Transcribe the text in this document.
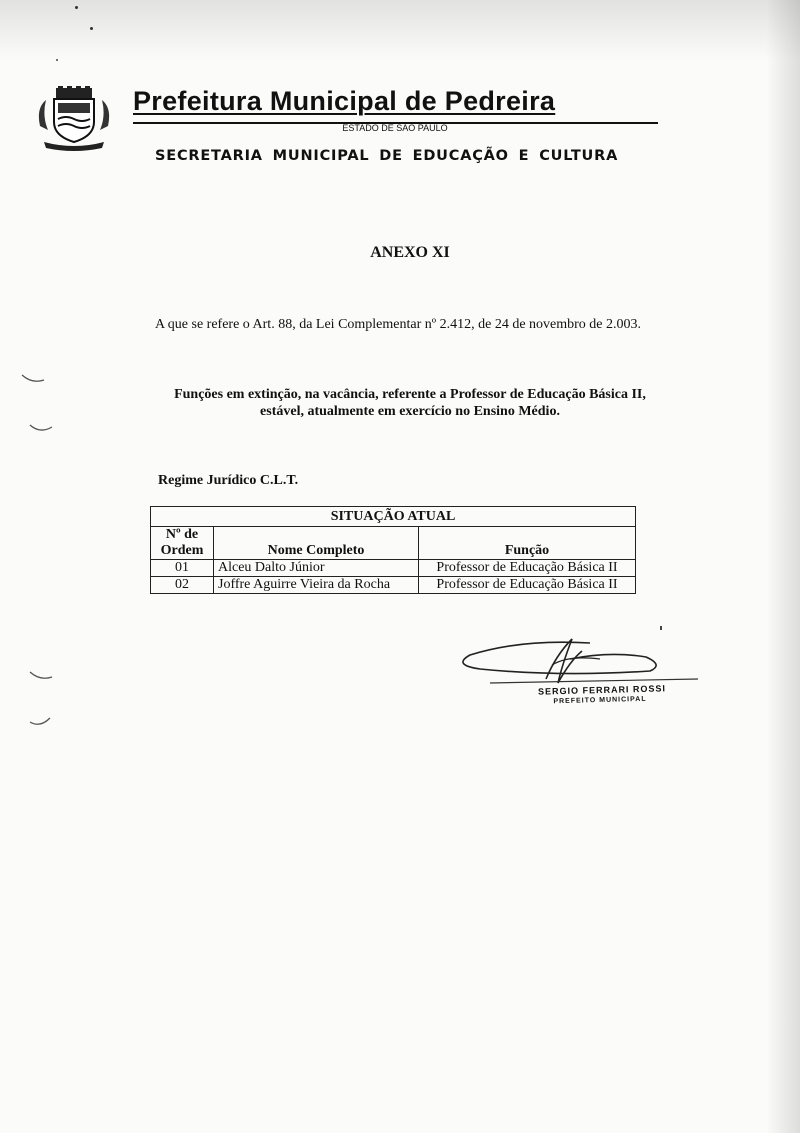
Prefeitura Municipal de Pedreira
ESTADO DE SÃO PAULO
SECRETARIA MUNICIPAL DE EDUCAÇÃO E CULTURA
ANEXO XI
A que se refere o Art. 88, da Lei Complementar nº 2.412, de 24 de novembro de 2.003.
Funções em extinção, na vacância, referente a Professor de Educação Básica II,
estável, atualmente em exercício no Ensino Médio.
Regime Jurídico C.L.T.
SITUAÇÃO ATUAL		

Nº de
Ordem	Nome Completo	Função
01	Alceu Dalto Júnior	Professor de Educação Básica II
02	Joffre Aguirre Vieira da Rocha	Professor de Educação Básica II
SERGIO FERRARI ROSSI
PREFEITO MUNICIPAL
